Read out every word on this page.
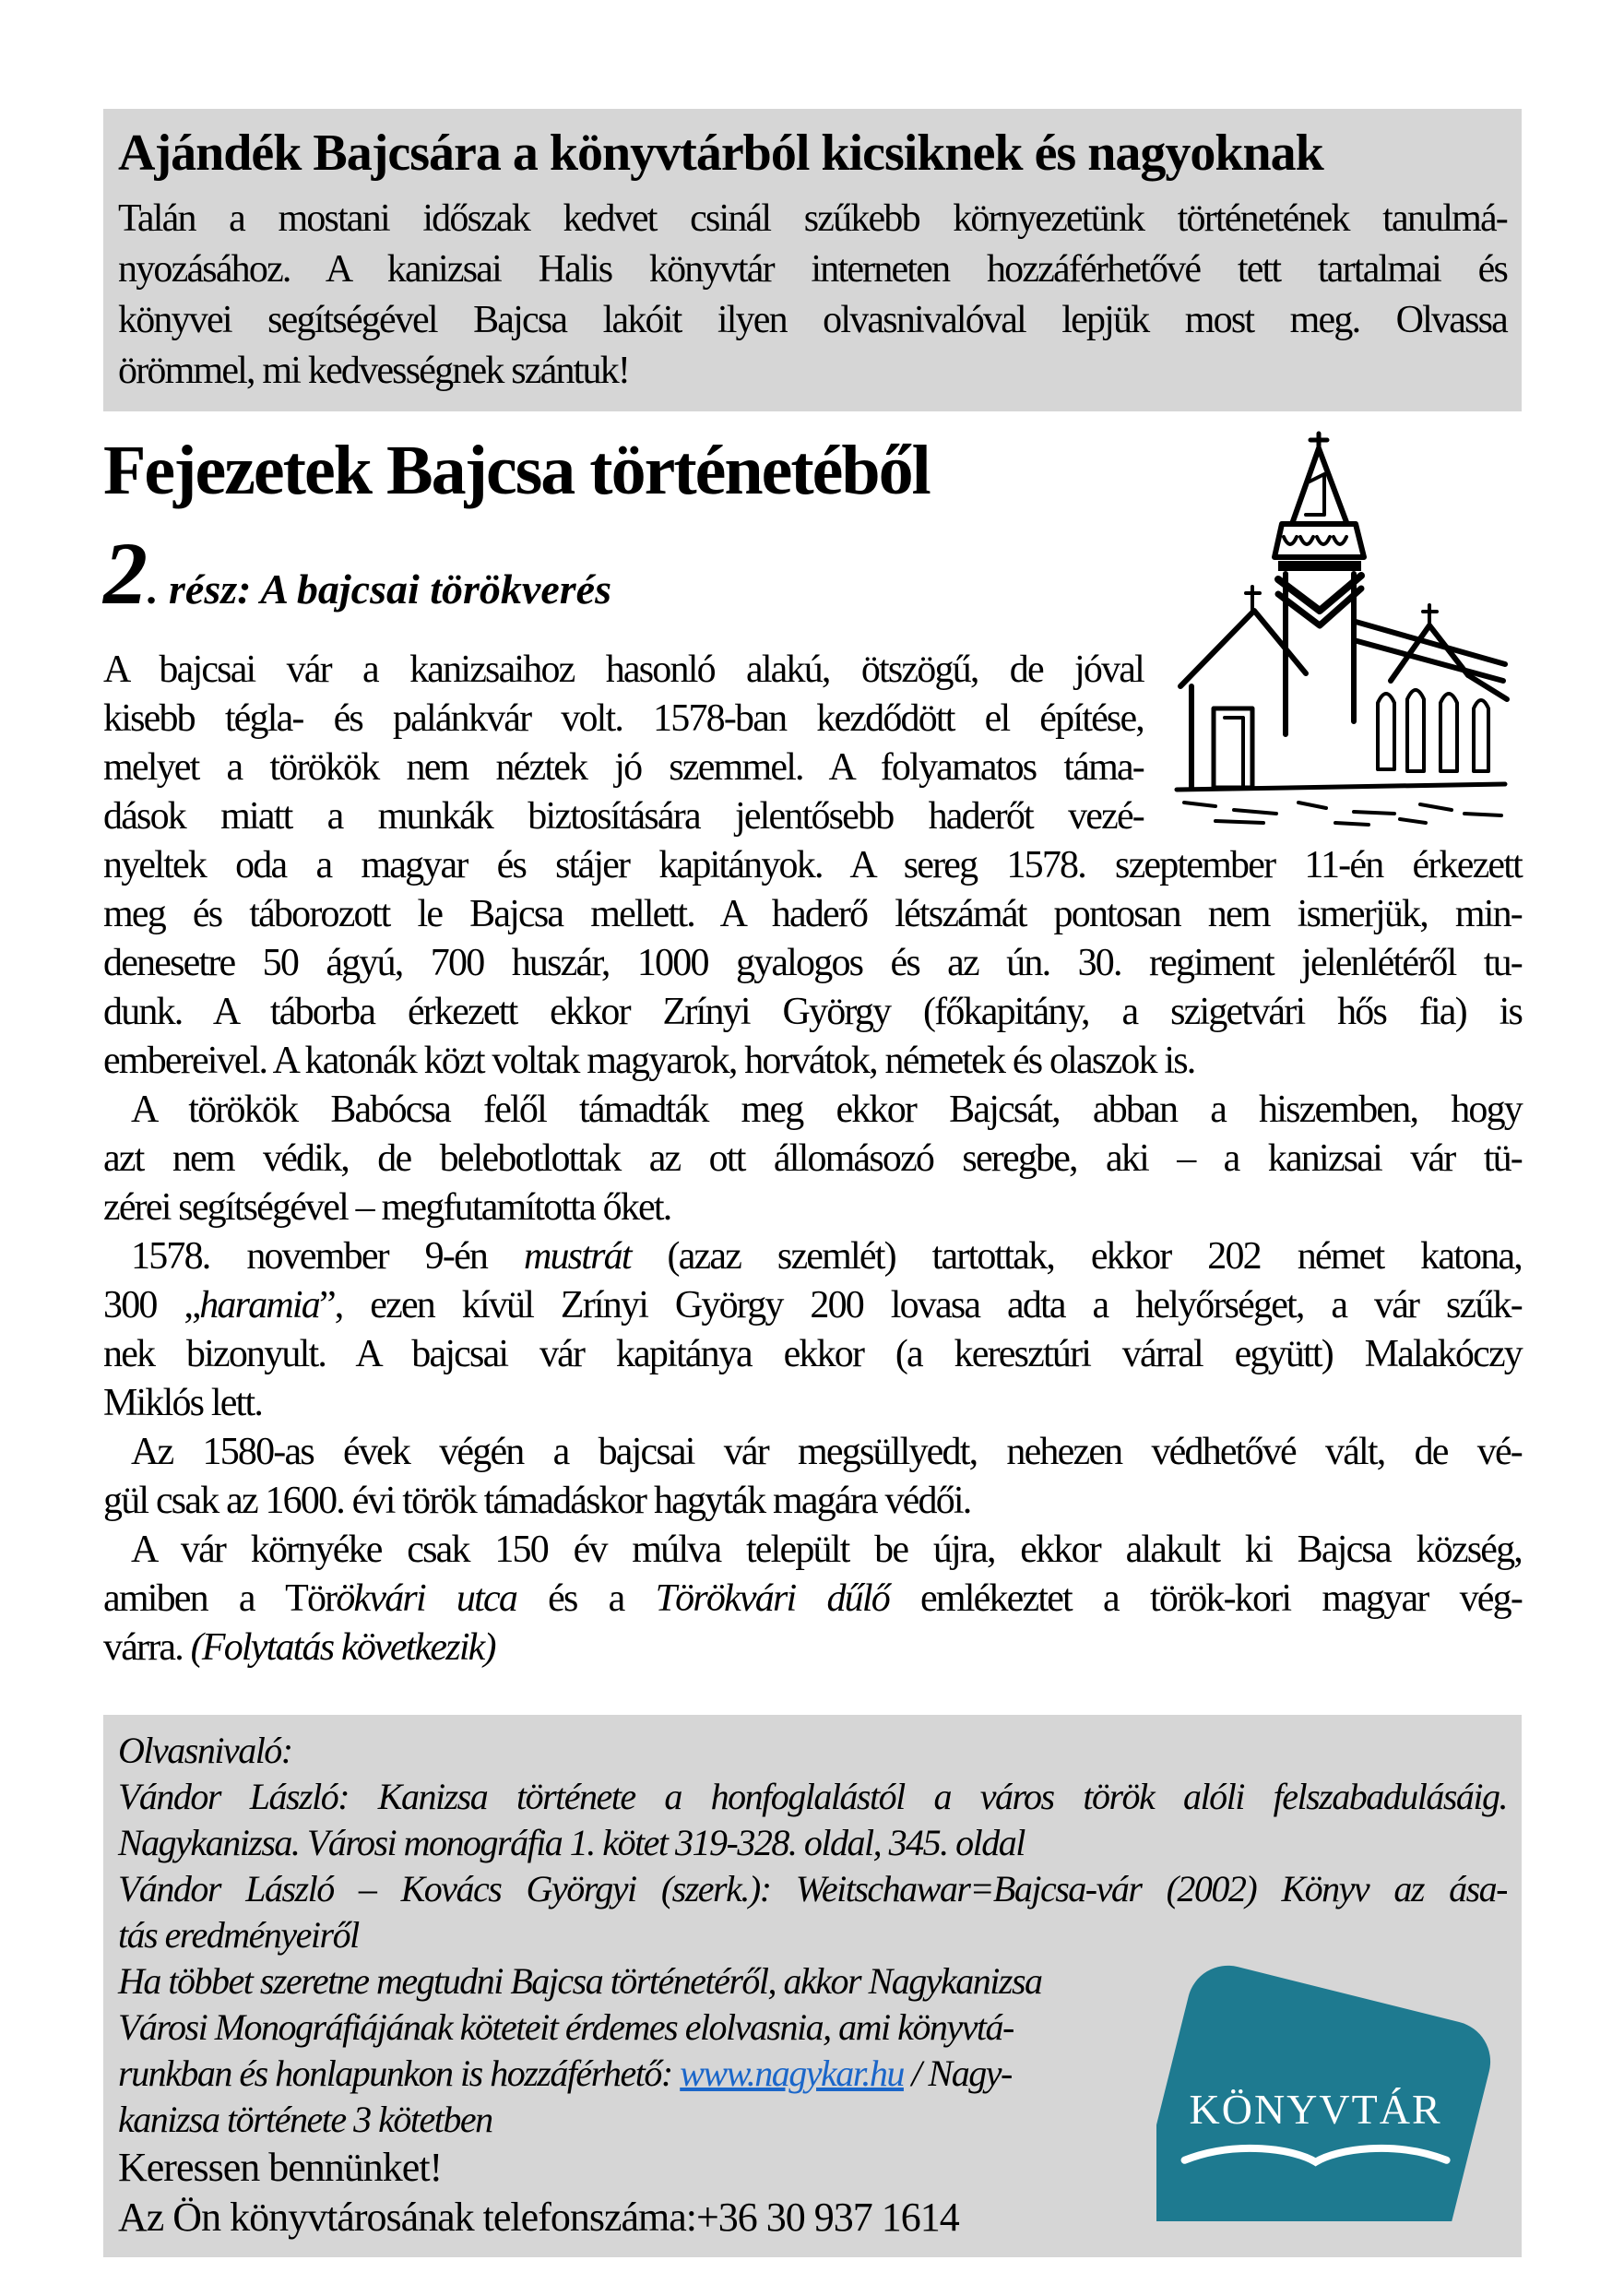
Ajándék Bajcsára a könyvtárból kicsiknek és nagyoknak
Talán a mostani időszak kedvet csinál szűkebb környezetünk történetének tanulmá-
nyozásához. A kanizsai Halis könyvtár interneten hozzáférhetővé tett tartalmai és
könyvei segítségével Bajcsa lakóit ilyen olvasnivalóval lepjük most meg. Olvassa
örömmel, mi kedvességnek szántuk!
Fejezetek Bajcsa történetéből
2. rész: A bajcsai törökverés
A bajcsai vár a kanizsaihoz hasonló alakú, ötszögű, de jóval
kisebb tégla- és palánkvár volt. 1578-ban kezdődött el építése,
melyet a törökök nem néztek jó szemmel. A folyamatos táma-
dások miatt a munkák biztosítására jelentősebb haderőt vezé-
nyeltek oda a magyar és stájer kapitányok. A sereg 1578. szeptember 11-én érkezett
meg és táborozott le Bajcsa mellett. A haderő létszámát pontosan nem ismerjük, min-
denesetre 50 ágyú, 700 huszár, 1000 gyalogos és az ún. 30. regiment jelenlétéről tu-
dunk. A táborba érkezett ekkor Zrínyi György (főkapitány, a szigetvári hős fia) is
embereivel. A katonák közt voltak magyarok, horvátok, németek és olaszok is.
A törökök Babócsa felől támadták meg ekkor Bajcsát, abban a hiszemben, hogy
azt nem védik, de belebotlottak az ott állomásozó seregbe, aki – a kanizsai vár tü-
zérei segítségével – megfutamította őket.
1578. november 9-én mustrát (azaz szemlét) tartottak, ekkor 202 német katona,
300 „haramia”, ezen kívül Zrínyi György 200 lovasa adta a helyőrséget, a vár szűk-
nek bizonyult. A bajcsai vár kapitánya ekkor (a keresztúri várral együtt) Malakóczy
Miklós lett.
Az 1580-as évek végén a bajcsai vár megsüllyedt, nehezen védhetővé vált, de vé-
gül csak az 1600. évi török támadáskor hagyták magára védői.
A vár környéke csak 150 év múlva települt be újra, ekkor alakult ki Bajcsa község,
amiben a Törökvári utca és a Törökvári dűlő emlékeztet a török-kori magyar vég-
várra. (Folytatás következik)
Olvasnivaló:
Vándor László: Kanizsa története a honfoglalástól a város török alóli felszabadulásáig.
Nagykanizsa. Városi monográfia 1. kötet 319-328. oldal, 345. oldal
Vándor László – Kovács Györgyi (szerk.): Weitschawar=Bajcsa-vár (2002) Könyv az ása-
tás eredményeiről
KÖNYVTÁR
Ha többet szeretne megtudni Bajcsa történetéről, akkor Nagykanizsa
Városi Monográfiájának köteteit érdemes elolvasnia, ami könyvtá-
runkban és honlapunkon is hozzáférhető: www.nagykar.hu / Nagy-
kanizsa története 3 kötetben
Keressen bennünket!
Az Ön könyvtárosának telefonszáma:+36 30 937 1614
